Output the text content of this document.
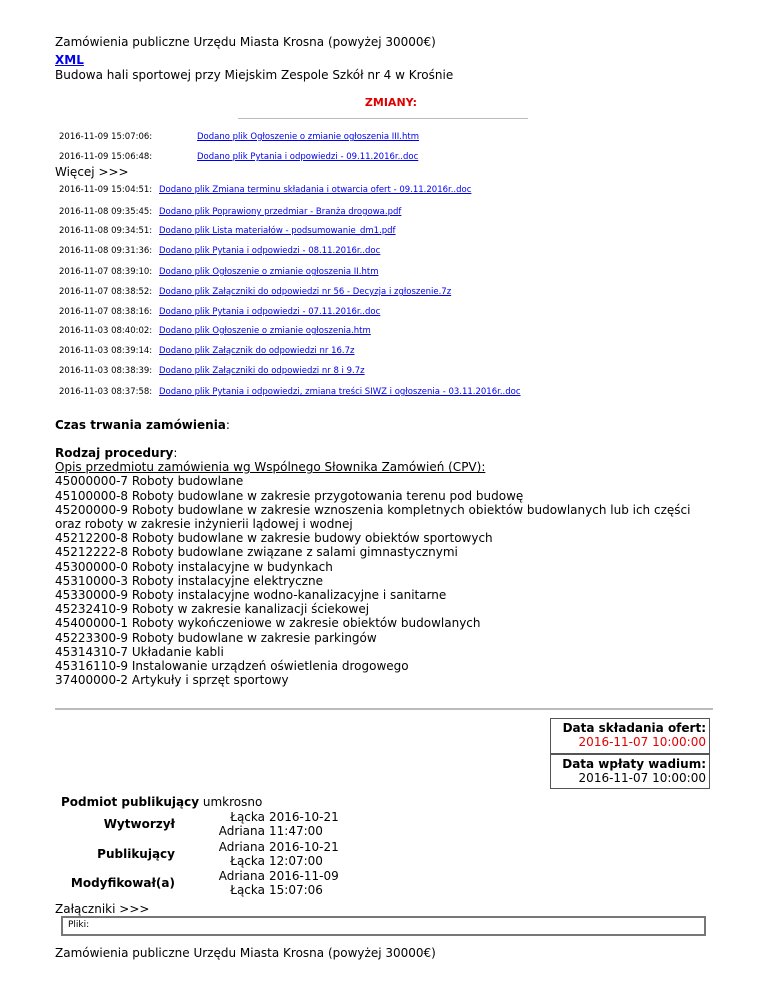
Zamówienia publiczne Urzędu Miasta Krosna (powyżej 30000€)
XML
Budowa hali sportowej przy Miejskim Zespole Szkół nr 4 w Krośnie
ZMIANY:
2016-11-09 15:07:06:	Dodano plik Ogłoszenie o zmianie ogłoszenia III.htm
2016-11-09 15:06:48:	Dodano plik Pytania i odpowiedzi - 09.11.2016r..doc
Więcej >>>
2016-11-09 15:04:51: Dodano plik Zmiana terminu składania i otwarcia ofert - 09.11.2016r..doc
2016-11-08 09:35:45: Dodano plik Poprawiony przedmiar - Branża drogowa.pdf
2016-11-08 09:34:51: Dodano plik Lista materiałów - podsumowanie_dm1.pdf
2016-11-08 09:31:36: Dodano plik Pytania i odpowiedzi - 08.11.2016r..doc
2016-11-07 08:39:10: Dodano plik Ogłoszenie o zmianie ogłoszenia II.htm
2016-11-07 08:38:52: Dodano plik Załączniki do odpowiedzi nr 56 - Decyzja i zgłoszenie.7z
2016-11-07 08:38:16: Dodano plik Pytania i odpowiedzi - 07.11.2016r..doc
2016-11-03 08:40:02: Dodano plik Ogłoszenie o zmianie ogłoszenia.htm
2016-11-03 08:39:14: Dodano plik Załącznik do odpowiedzi nr 16.7z
2016-11-03 08:38:39: Dodano plik Załączniki do odpowiedzi nr 8 i 9.7z
2016-11-03 08:37:58: Dodano plik Pytania i odpowiedzi, zmiana treści SIWZ i ogłoszenia - 03.11.2016r..doc
Czas trwania zamówienia:
Rodzaj procedury:
Opis przedmiotu zamówienia wg Wspólnego Słownika Zamówień (CPV):
45000000-7 Roboty budowlane
45100000-8 Roboty budowlane w zakresie przygotowania terenu pod budowę
45200000-9 Roboty budowlane w zakresie wznoszenia kompletnych obiektów budowlanych lub ich części oraz roboty w zakresie inżynierii lądowej i wodnej
45212200-8 Roboty budowlane w zakresie budowy obiektów sportowych
45212222-8 Roboty budowlane związane z salami gimnastycznymi
45300000-0 Roboty instalacyjne w budynkach
45310000-3 Roboty instalacyjne elektryczne
45330000-9 Roboty instalacyjne wodno-kanalizacyjne i sanitarne
45232410-9 Roboty w zakresie kanalizacji ściekowej
45400000-1 Roboty wykończeniowe w zakresie obiektów budowlanych
45223300-9 Roboty budowlane w zakresie parkingów
45314310-7 Układanie kabli
45316110-9 Instalowanie urządzeń oświetlenia drogowego
37400000-2 Artykuły i sprzęt sportowy
Data składania ofert:
2016-11-07 10:00:00
Data wpłaty wadium:
2016-11-07 10:00:00
Podmiot publikujący umkrosno
Wytworzył	Łącka Adriana
2016-10-21
11:47:00
Publikujący	Adriana Łącka
2016-10-21
12:07:00
Modyfikował(a)	Adriana Łącka
2016-11-09
15:07:06
Załączniki >>>
Pliki:
Zamówienia publiczne Urzędu Miasta Krosna (powyżej 30000€)
